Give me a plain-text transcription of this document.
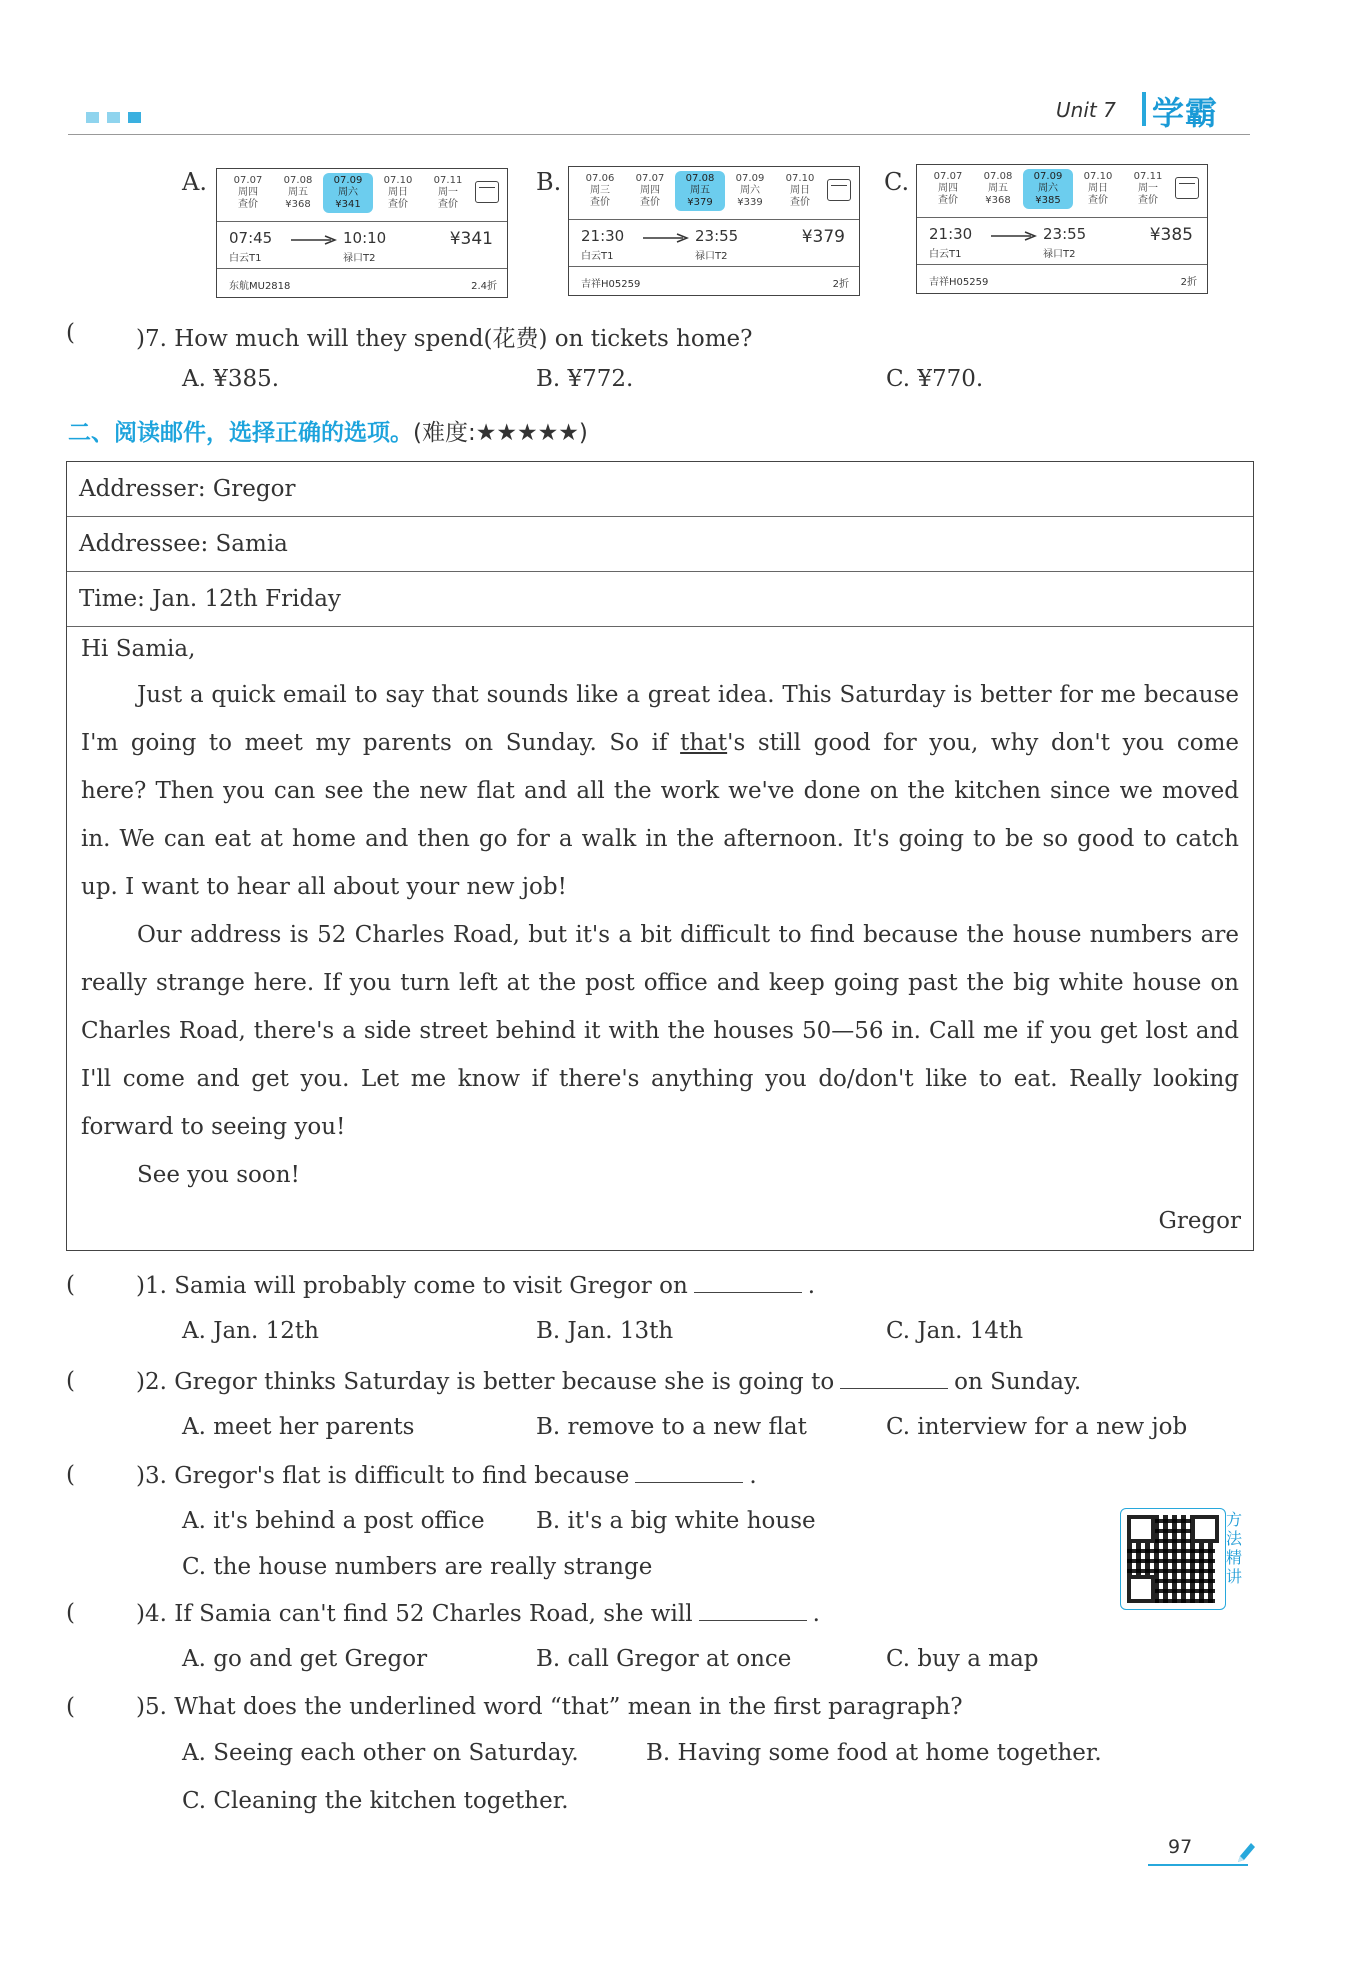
Unit 7 学霸
A.	B.	C.
07.07
周四
查价
07.08
周五
¥368
07.09
周六
¥341
07.10
周日
查价
07.11
周一
查价
07:45	10:10
白云T1	禄口T2
¥341
东航MU2818	2.4折
07.06
周三
查价
07.07
周四
查价
07.08
周五
¥379
07.09
周六
¥339
07.10
周日
查价
21:30	23:55
白云T1	禄口T2
¥379
吉祥H05259	2折
07.07
周四
查价
07.08
周五
¥368
07.09
周六
¥385
07.10
周日
查价
07.11
周一
查价
21:30	23:55
白云T1	禄口T2
¥385
吉祥H05259	2折
(	)7. How much will they spend(花费) on tickets home?
A. ¥385.	B. ¥772.	C. ¥770.
二、阅读邮件，选择正确的选项。(难度:★★★★★)
Addresser: Gregor
Addressee: Samia
Time: Jan. 12th Friday
Hi Samia,
Just a quick email to say that sounds like a great idea. This Saturday is better for me because
I'm going to meet my parents on Sunday. So if that's still good for you, why don't you come
here? Then you can see the new flat and all the work we've done on the kitchen since we moved
in. We can eat at home and then go for a walk in the afternoon. It's going to be so good to catch
up. I want to hear all about your new job!
Our address is 52 Charles Road, but it's a bit difficult to find because the house numbers are
really strange here. If you turn left at the post office and keep going past the big white house on
Charles Road, there's a side street behind it with the houses 50—56 in. Call me if you get lost and
I'll come and get you. Let me know if there's anything you do/don't like to eat. Really looking
forward to seeing you!
See you soon!
Gregor
(	)1. Samia will probably come to visit Gregor on	.
A. Jan. 12th	B. Jan. 13th	C. Jan. 14th
(	)2. Gregor thinks Saturday is better because she is going to	on Sunday.
A. meet her parents	B. remove to a new flat	C. interview for a new job
(	)3. Gregor's flat is difficult to find because	.
A. it's behind a post office B. it's a big white house
C. the house numbers are really strange
(	)4. If Samia can't find 52 Charles Road, she will	.
A. go and get Gregor	B. call Gregor at once	C. buy a map
(	)5. What does the underlined word “that” mean in the first paragraph?
A. Seeing each other on Saturday.	B. Having some food at home together.
C. Cleaning the kitchen together.
方法精讲
97
